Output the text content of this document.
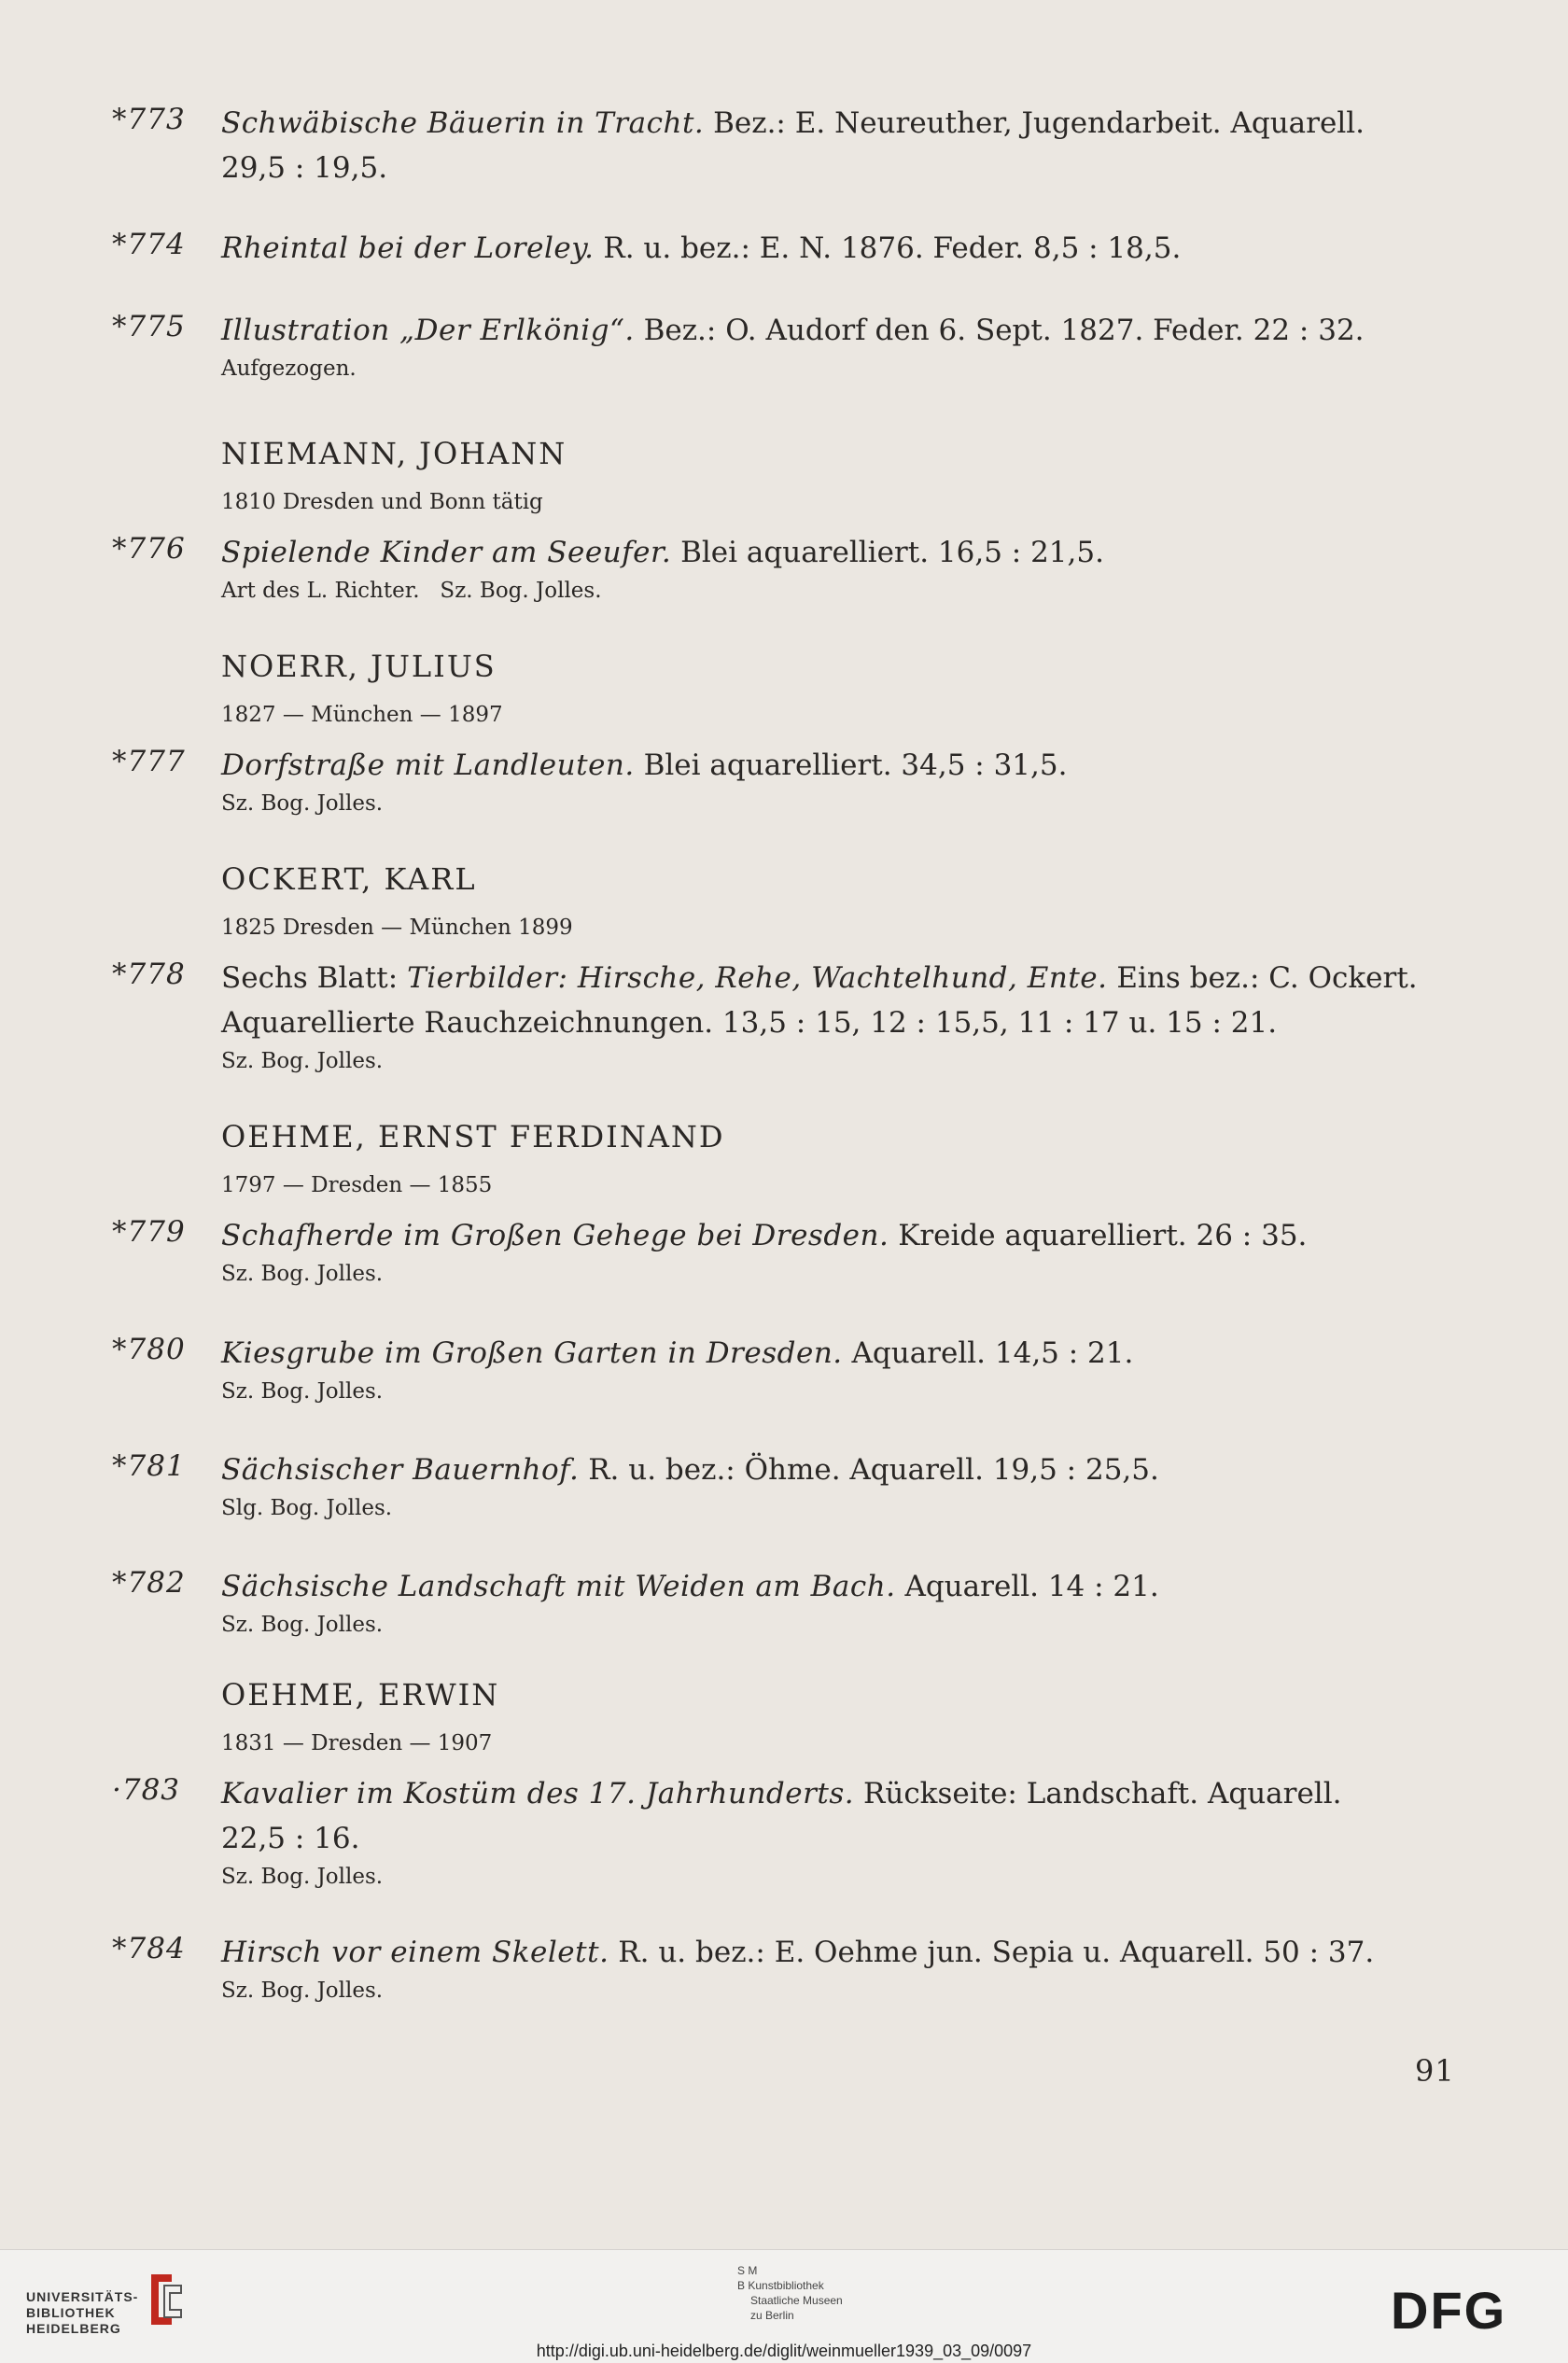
*773 Schwäbische Bäuerin in Tracht. Bez.: E. Neureuther, Jugendarbeit. Aquarell.
29,5 : 19,5.
*774 Rheintal bei der Loreley. R. u. bez.: E. N. 1876. Feder. 8,5 : 18,5.
*775 Illustration „Der Erlkönig“. Bez.: O. Audorf den 6. Sept. 1827. Feder. 22 : 32.
Aufgezogen.
NIEMANN, JOHANN
1810 Dresden und Bonn tätig
*776 Spielende Kinder am Seeufer. Blei aquarelliert. 16,5 : 21,5.
Art des L. Richter.   Sz. Bog. Jolles.
NOERR, JULIUS
1827 — München — 1897
*777 Dorfstraße mit Landleuten. Blei aquarelliert. 34,5 : 31,5.
Sz. Bog. Jolles.
OCKERT, KARL
1825 Dresden — München 1899
*778 Sechs Blatt: Tierbilder: Hirsche, Rehe, Wachtelhund, Ente. Eins bez.: C. Ockert.
Aquarellierte Rauchzeichnungen. 13,5 : 15, 12 : 15,5, 11 : 17 u. 15 : 21.
Sz. Bog. Jolles.
OEHME, ERNST FERDINAND
1797 — Dresden — 1855
*779 Schafherde im Großen Gehege bei Dresden. Kreide aquarelliert. 26 : 35.
Sz. Bog. Jolles.
*780 Kiesgrube im Großen Garten in Dresden. Aquarell. 14,5 : 21.
Sz. Bog. Jolles.
*781 Sächsischer Bauernhof. R. u. bez.: Öhme. Aquarell. 19,5 : 25,5.
Slg. Bog. Jolles.
*782 Sächsische Landschaft mit Weiden am Bach. Aquarell. 14 : 21.
Sz. Bog. Jolles.
OEHME, ERWIN
1831 — Dresden — 1907
·783 Kavalier im Kostüm des 17. Jahrhunderts. Rückseite: Landschaft. Aquarell.
22,5 : 16.
Sz. Bog. Jolles.
*784 Hirsch vor einem Skelett. R. u. bez.: E. Oehme jun. Sepia u. Aquarell. 50 : 37.
Sz. Bog. Jolles.
91
UNIVERSITÄTS-
BIBLIOTHEK
HEIDELBERG
S M
B Kunstbibliothek
Staatliche Museen
zu Berlin	DFG
http://digi.ub.uni-heidelberg.de/diglit/weinmueller1939_03_09/0097
